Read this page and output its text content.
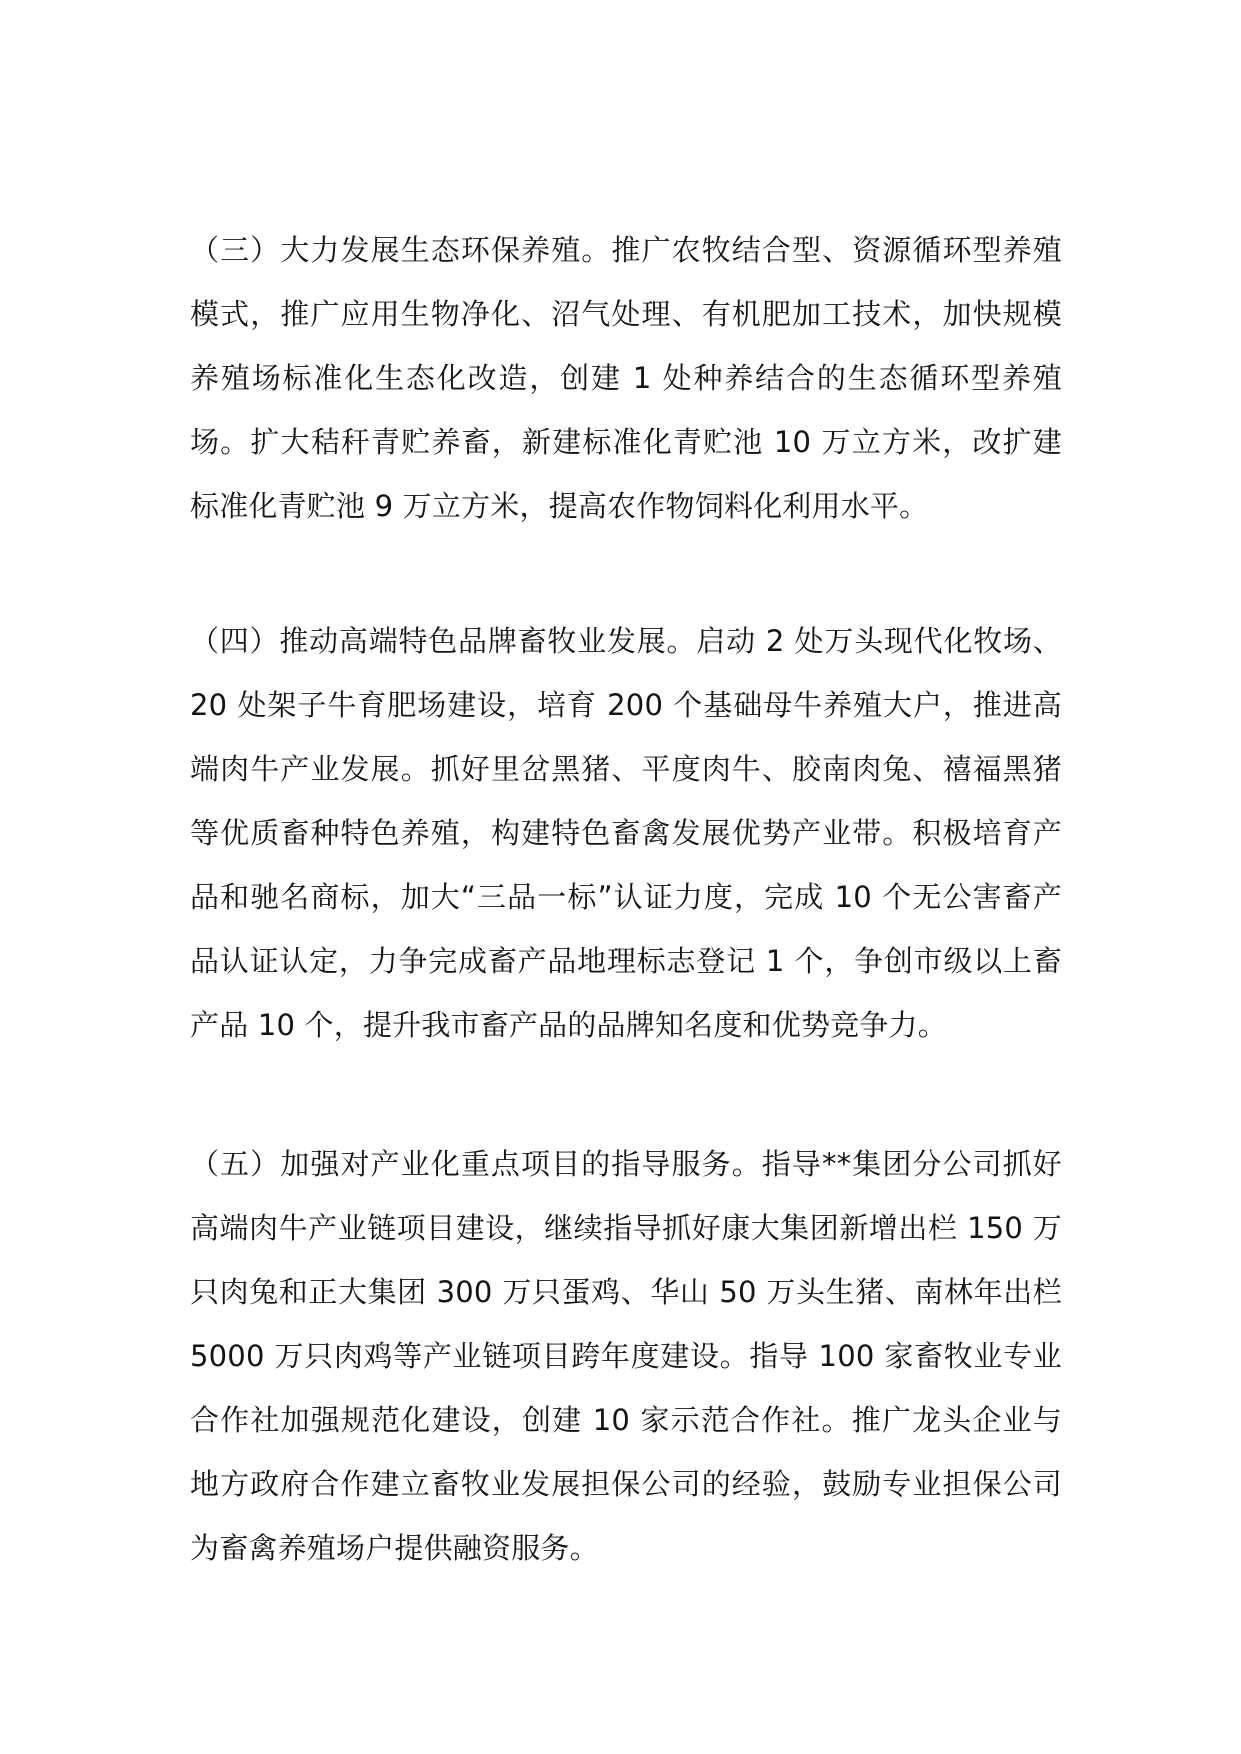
（三）大力发展生态环保养殖。推广农牧结合型、资源循环型养殖模式，推广应用生物净化、沼气处理、有机肥加工技术，加快规模养殖场标准化生态化改造，创建 1 处种养结合的生态循环型养殖场。扩大秸秆青贮养畜，新建标准化青贮池 10 万立方米，改扩建标准化青贮池 9 万立方米，提高农作物饲料化利用水平。

（四）推动高端特色品牌畜牧业发展。启动 2 处万头现代化牧场、20 处架子牛育肥场建设，培育 200 个基础母牛养殖大户，推进高端肉牛产业发展。抓好里岔黑猪、平度肉牛、胶南肉兔、禧福黑猪等优质畜种特色养殖，构建特色畜禽发展优势产业带。积极培育产品和驰名商标，加大“三品一标”认证力度，完成 10 个无公害畜产品认证认定，力争完成畜产品地理标志登记 1 个，争创市级以上畜产品 10 个，提升我市畜产品的品牌知名度和优势竞争力。

（五）加强对产业化重点项目的指导服务。指导**集团分公司抓好高端肉牛产业链项目建设，继续指导抓好康大集团新增出栏 150 万只肉兔和正大集团 300 万只蛋鸡、华山 50 万头生猪、南林年出栏 5000 万只肉鸡等产业链项目跨年度建设。指导 100 家畜牧业专业合作社加强规范化建设，创建 10 家示范合作社。推广龙头企业与地方政府合作建立畜牧业发展担保公司的经验，鼓励专业担保公司为畜禽养殖场户提供融资服务。
